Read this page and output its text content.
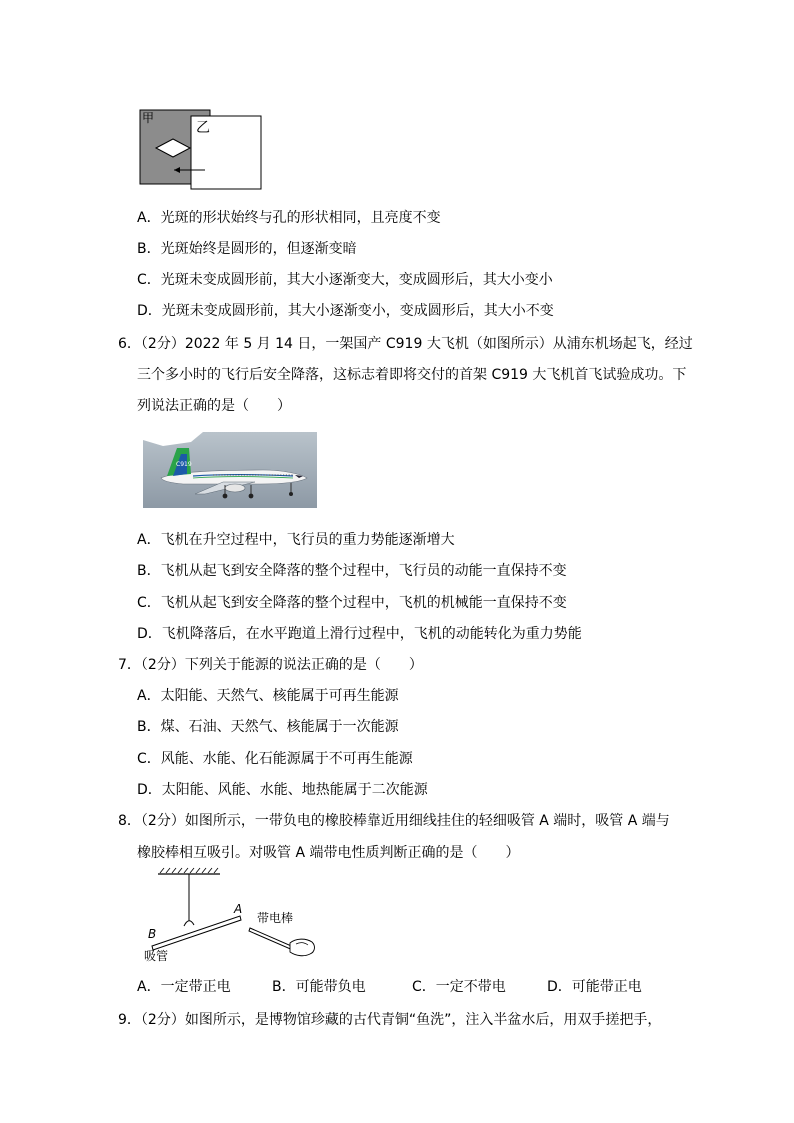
甲
乙
A．光斑的形状始终与孔的形状相同，且亮度不变
B．光斑始终是圆形的，但逐渐变暗
C．光斑未变成圆形前，其大小逐渐变大，变成圆形后，其大小变小
D．光斑未变成圆形前，其大小逐渐变小，变成圆形后，其大小不变
6．（2分）2022 年 5 月 14 日，一架国产 C919 大飞机（如图所示）从浦东机场起飞，经过
三个多小时的飞行后安全降落，这标志着即将交付的首架 C919 大飞机首飞试验成功。下
列说法正确的是（　　）
C919
A．飞机在升空过程中，飞行员的重力势能逐渐增大
B．飞机从起飞到安全降落的整个过程中，飞行员的动能一直保持不变
C．飞机从起飞到安全降落的整个过程中，飞机的机械能一直保持不变
D．飞机降落后，在水平跑道上滑行过程中，飞机的动能转化为重力势能
7．（2分）下列关于能源的说法正确的是（　　）
A．太阳能、天然气、核能属于可再生能源
B．煤、石油、天然气、核能属于一次能源
C．风能、水能、化石能源属于不可再生能源
D．太阳能、风能、水能、地热能属于二次能源
8．（2分）如图所示，一带负电的橡胶棒靠近用细线挂住的轻细吸管 A 端时，吸管 A 端与
橡胶棒相互吸引。对吸管 A 端带电性质判断正确的是（　　）
A
B
带电棒
吸管
A．一定带正电	B．可能带负电	C．一定不带电	D．可能带正电
9．（2分）如图所示，是博物馆珍藏的古代青铜“鱼洗”，注入半盆水后，用双手搓把手，
